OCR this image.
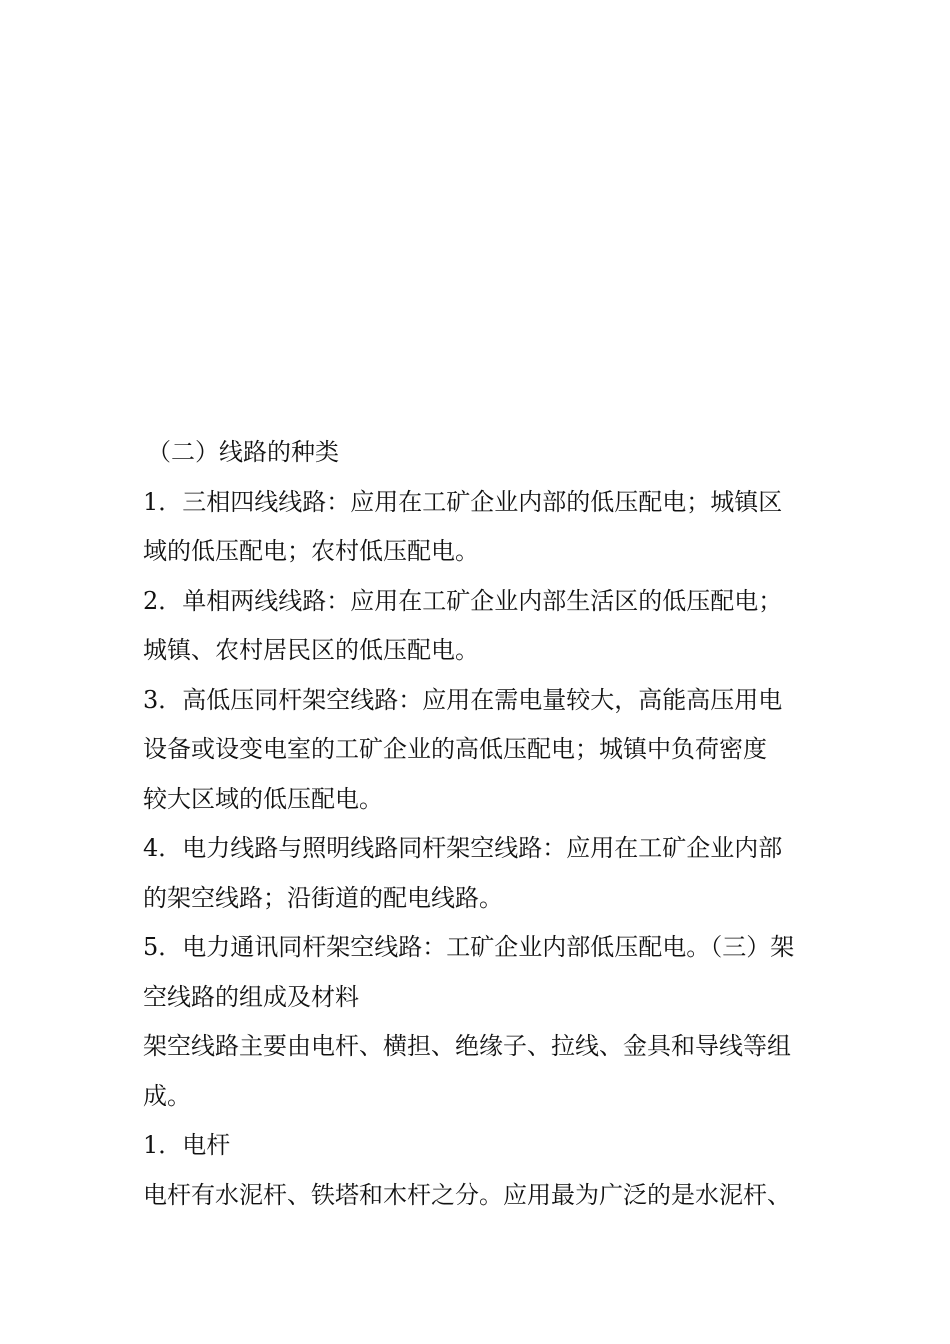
（二）线路的种类

1．三相四线线路：应用在工矿企业内部的低压配电；城镇区

域的低压配电；农村低压配电。

2．单相两线线路：应用在工矿企业内部生活区的低压配电；

城镇、农村居民区的低压配电。

3．高低压同杆架空线路：应用在需电量较大，高能高压用电

设备或设变电室的工矿企业的高低压配电；城镇中负荷密度

较大区域的低压配电。

4．电力线路与照明线路同杆架空线路：应用在工矿企业内部

的架空线路；沿街道的配电线路。

5．电力通讯同杆架空线路：工矿企业内部低压配电。（三）架

空线路的组成及材料

架空线路主要由电杆、横担、绝缘子、拉线、金具和导线等组

成。

1．电杆

电杆有水泥杆、铁塔和木杆之分。应用最为广泛的是水泥杆、
